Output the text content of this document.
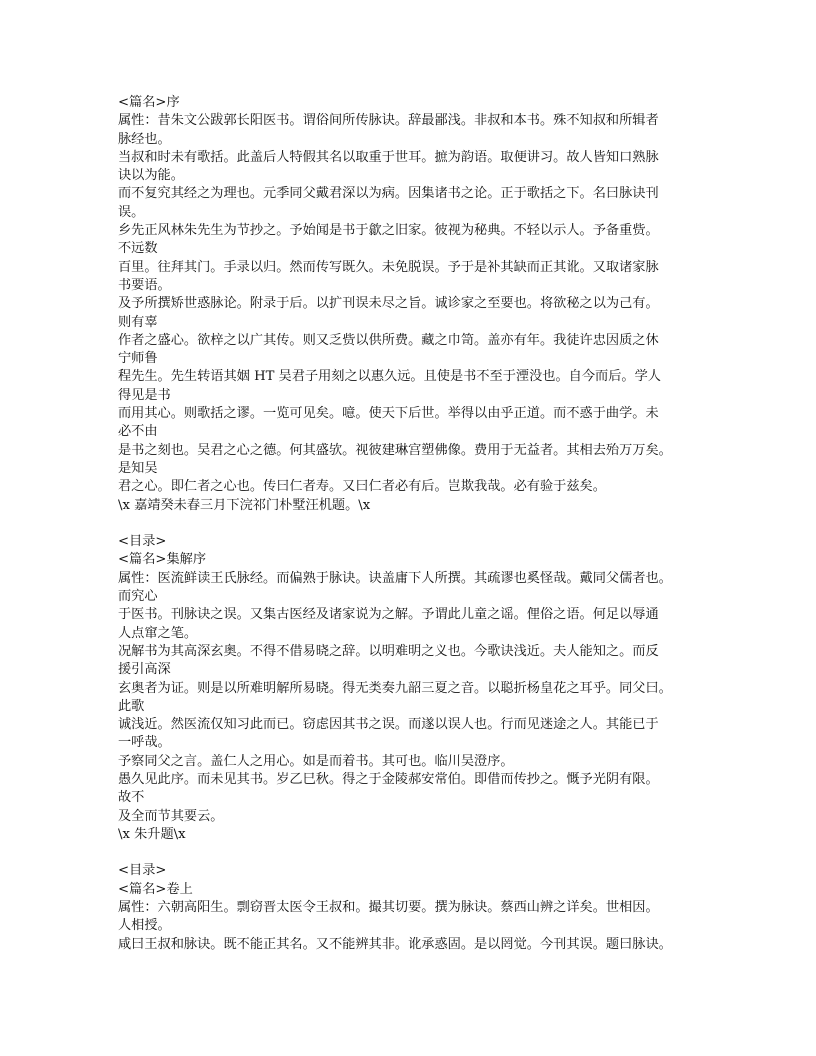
<篇名>序
属性：昔朱文公跋郭长阳医书。谓俗间所传脉诀。辞最鄙浅。非叔和本书。殊不知叔和所辑者
脉经也。
当叔和时未有歌括。此盖后人特假其名以取重于世耳。摭为韵语。取便讲习。故人皆知口熟脉
诀以为能。
而不复究其经之为理也。元季同父戴君深以为病。因集诸书之论。正于歌括之下。名曰脉诀刊
误。
乡先正风林朱先生为节抄之。予始闻是书于歙之旧家。彼视为秘典。不轻以示人。予备重赀。
不远数
百里。往拜其门。手录以归。然而传写既久。未免脱误。予于是补其缺而正其讹。又取诸家脉
书要语。
及予所撰矫世惑脉论。附录于后。以扩刊误未尽之旨。诚诊家之至要也。将欲秘之以为己有。
则有辜
作者之盛心。欲梓之以广其传。则又乏赀以供所费。藏之巾笥。盖亦有年。我徒许忠因质之休
宁师鲁
程先生。先生转语其姻 HT 吴君子用刻之以惠久远。且使是书不至于湮没也。自今而后。学人
得见是书
而用其心。则歌括之谬。一览可见矣。噫。使天下后世。举得以由乎正道。而不惑于曲学。未
必不由
是书之刻也。吴君之心之德。何其盛欤。视彼建琳宫塑佛像。费用于无益者。其相去殆万万矣。
是知吴
君之心。即仁者之心也。传曰仁者寿。又曰仁者必有后。岂欺我哉。必有验于兹矣。
\x 嘉靖癸未春三月下浣祁门朴墅汪机题。\x
<目录>
<篇名>集解序
属性：医流鲜读王氏脉经。而偏熟于脉诀。诀盖庸下人所撰。其疏谬也奚怪哉。戴同父儒者也。
而究心
于医书。刊脉诀之误。又集古医经及诸家说为之解。予谓此儿童之谣。俚俗之语。何足以辱通
人点窜之笔。
况解书为其高深玄奥。不得不借易晓之辞。以明难明之义也。今歌诀浅近。夫人能知之。而反
援引高深
玄奥者为证。则是以所难明解所易晓。得无类奏九韶三夏之音。以聪折杨皇花之耳乎。同父曰。
此歌
诚浅近。然医流仅知习此而已。窃虑因其书之误。而遂以误人也。行而见迷途之人。其能已于
一呼哉。
予察同父之言。盖仁人之用心。如是而着书。其可也。临川吴澄序。
愚久见此序。而未见其书。岁乙巳秋。得之于金陵郝安常伯。即借而传抄之。慨予光阴有限。
故不
及全而节其要云。
\x 朱升题\x
<目录>
<篇名>卷上
属性：六朝高阳生。剽窃晋太医令王叔和。撮其切要。撰为脉诀。蔡西山辨之详矣。世相因。
人相授。
咸曰王叔和脉诀。既不能正其名。又不能辨其非。讹承惑固。是以罔觉。今刊其误。题曰脉诀。
